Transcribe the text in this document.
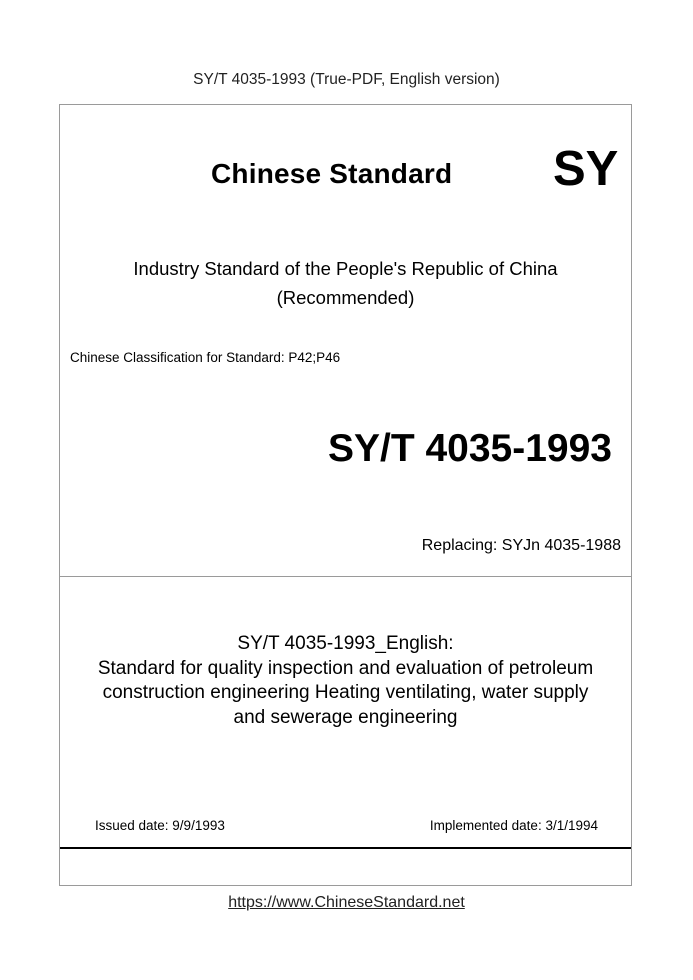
SY/T 4035-1993 (True-PDF, English version)
Chinese Standard SY
Industry Standard of the People's Republic of China
(Recommended)
Chinese Classification for Standard: P42;P46
SY/T 4035-1993
Replacing: SYJn 4035-1988
SY/T 4035-1993_English:
Standard for quality inspection and evaluation of petroleum
construction engineering Heating ventilating, water supply
and sewerage engineering
Issued date: 9/9/1993	Implemented date: 3/1/1994
https://www.ChineseStandard.net
